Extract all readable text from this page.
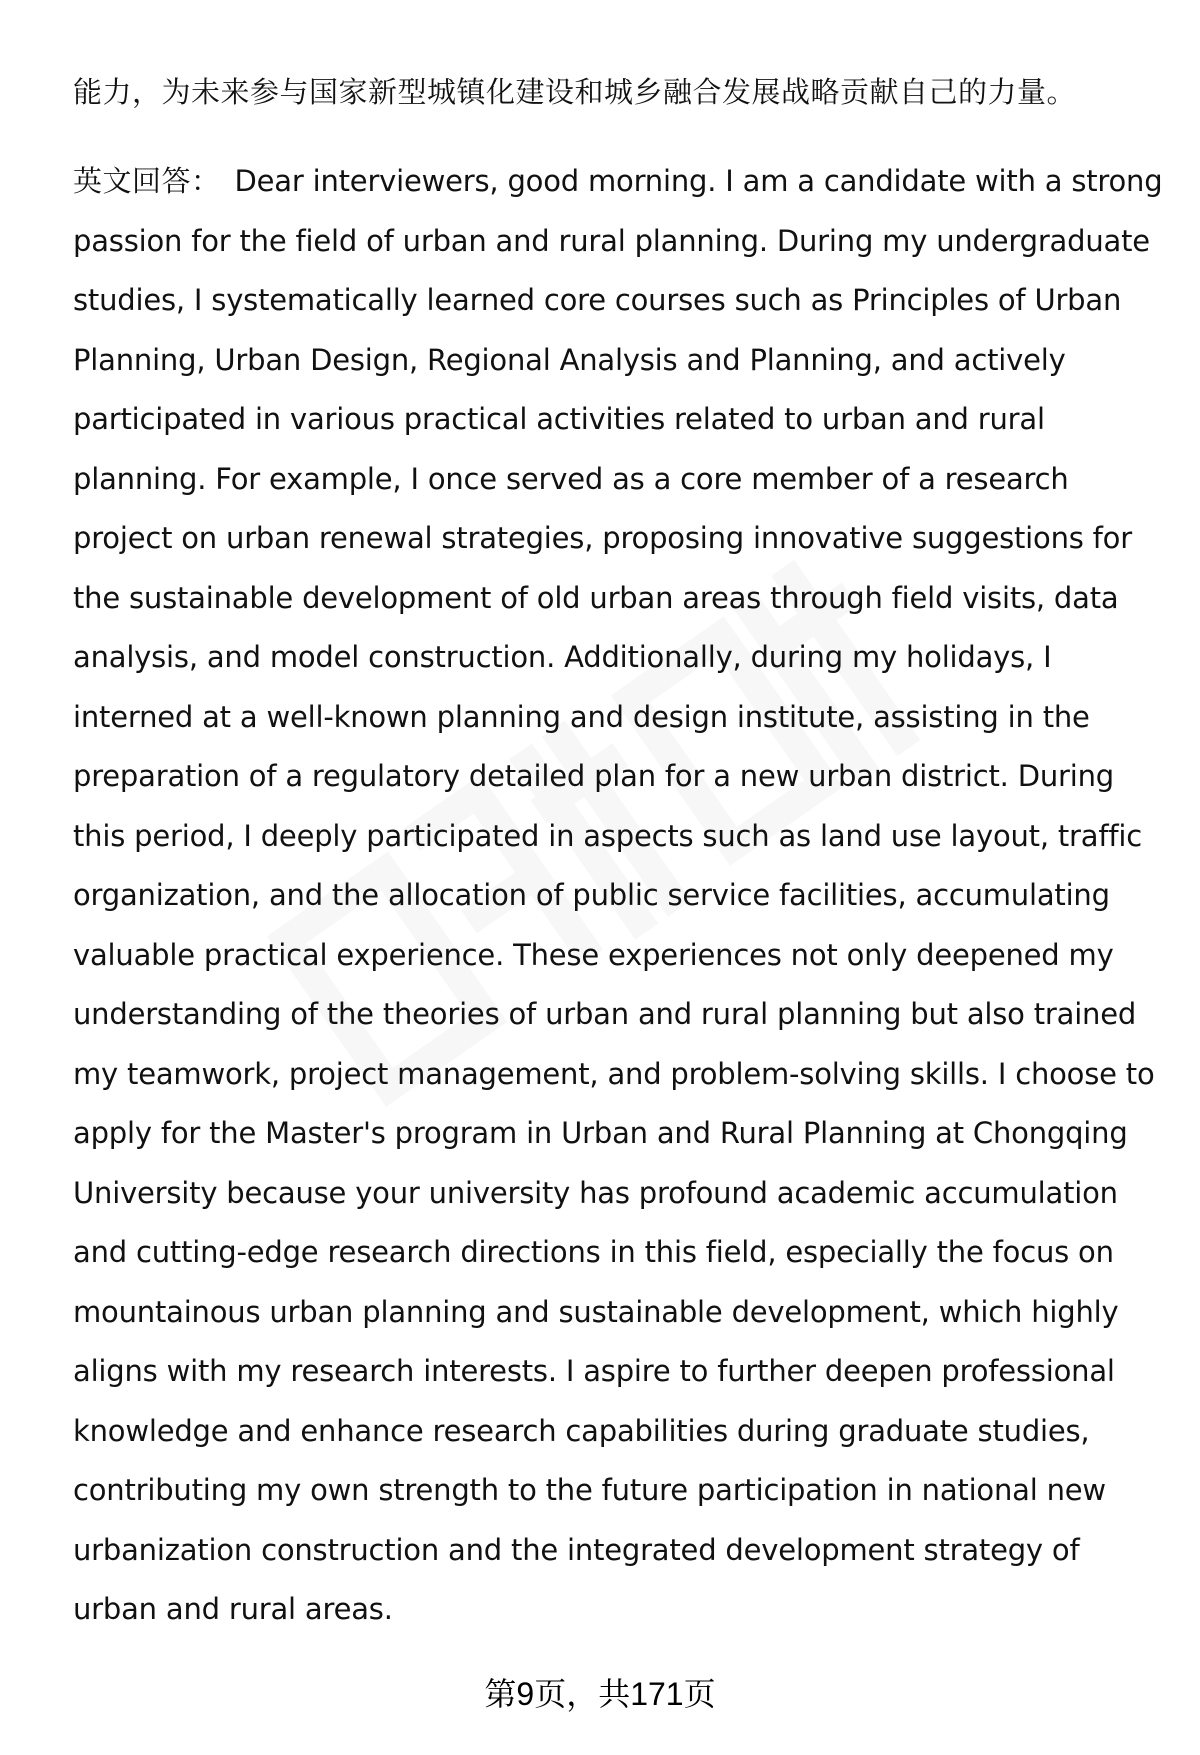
能力，为未来参与国家新型城镇化建设和城乡融合发展战略贡献自己的力量。
英文回答： Dear interviewers, good morning. I am a candidate with a strong
passion for the field of urban and rural planning. During my undergraduate
studies, I systematically learned core courses such as Principles of Urban
Planning, Urban Design, Regional Analysis and Planning, and actively
participated in various practical activities related to urban and rural
planning. For example, I once served as a core member of a research
project on urban renewal strategies, proposing innovative suggestions for
the sustainable development of old urban areas through field visits, data
analysis, and model construction. Additionally, during my holidays, I
interned at a well-known planning and design institute, assisting in the
preparation of a regulatory detailed plan for a new urban district. During
this period, I deeply participated in aspects such as land use layout, traffic
organization, and the allocation of public service facilities, accumulating
valuable practical experience. These experiences not only deepened my
understanding of the theories of urban and rural planning but also trained
my teamwork, project management, and problem-solving skills. I choose to
apply for the Master's program in Urban and Rural Planning at Chongqing
University because your university has profound academic accumulation
and cutting-edge research directions in this field, especially the focus on
mountainous urban planning and sustainable development, which highly
aligns with my research interests. I aspire to further deepen professional
knowledge and enhance research capabilities during graduate studies,
contributing my own strength to the future participation in national new
urbanization construction and the integrated development strategy of
urban and rural areas.
第9页，共171页
